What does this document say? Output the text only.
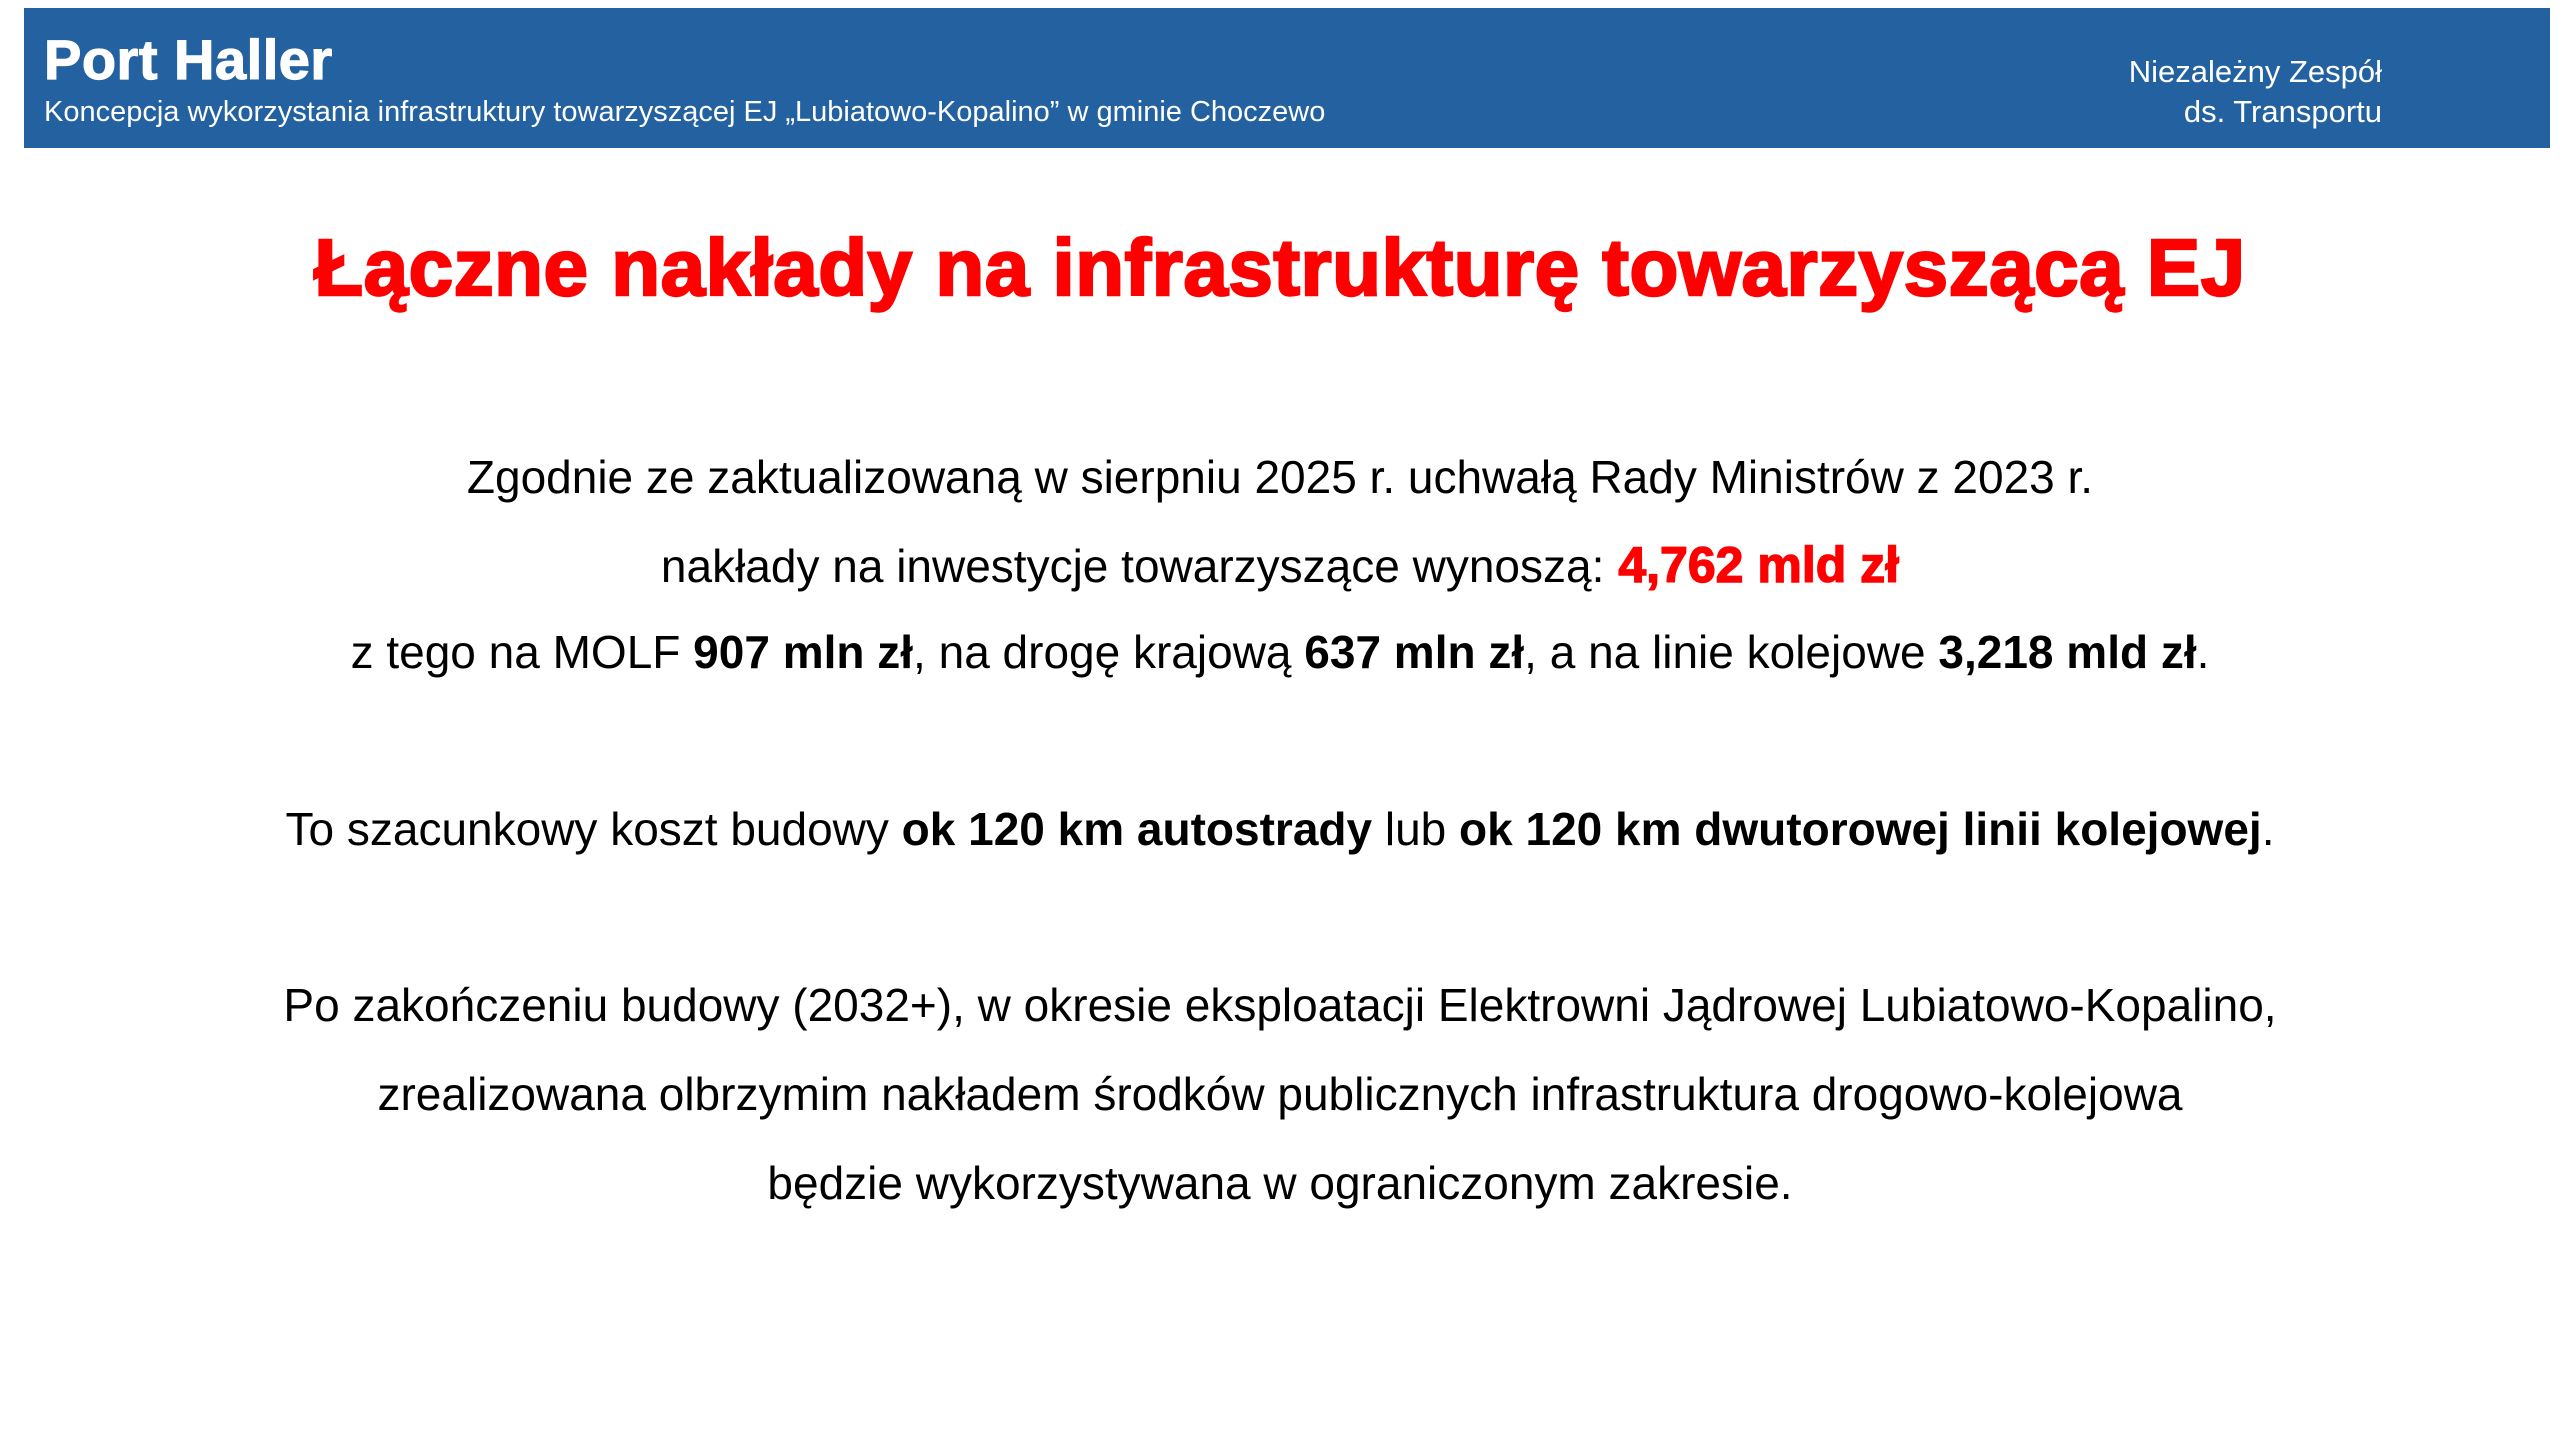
Port Haller
Koncepcja wykorzystania infrastruktury towarzyszącej EJ „Lubiatowo-Kopalino” w gminie Choczewo
Niezależny Zespół
ds. Transportu
Łączne nakłady na infrastrukturę towarzyszącą EJ
Zgodnie ze zaktualizowaną w sierpniu 2025 r. uchwałą Rady Ministrów z 2023 r.
nakłady na inwestycje towarzyszące wynoszą: 4,762 mld zł
z tego na MOLF 907 mln zł, na drogę krajową 637 mln zł, a na linie kolejowe 3,218 mld zł.
To szacunkowy koszt budowy ok 120 km autostrady lub ok 120 km dwutorowej linii kolejowej.
Po zakończeniu budowy (2032+), w okresie eksploatacji Elektrowni Jądrowej Lubiatowo-Kopalino,
zrealizowana olbrzymim nakładem środków publicznych infrastruktura drogowo-kolejowa
będzie wykorzystywana w ograniczonym zakresie.
